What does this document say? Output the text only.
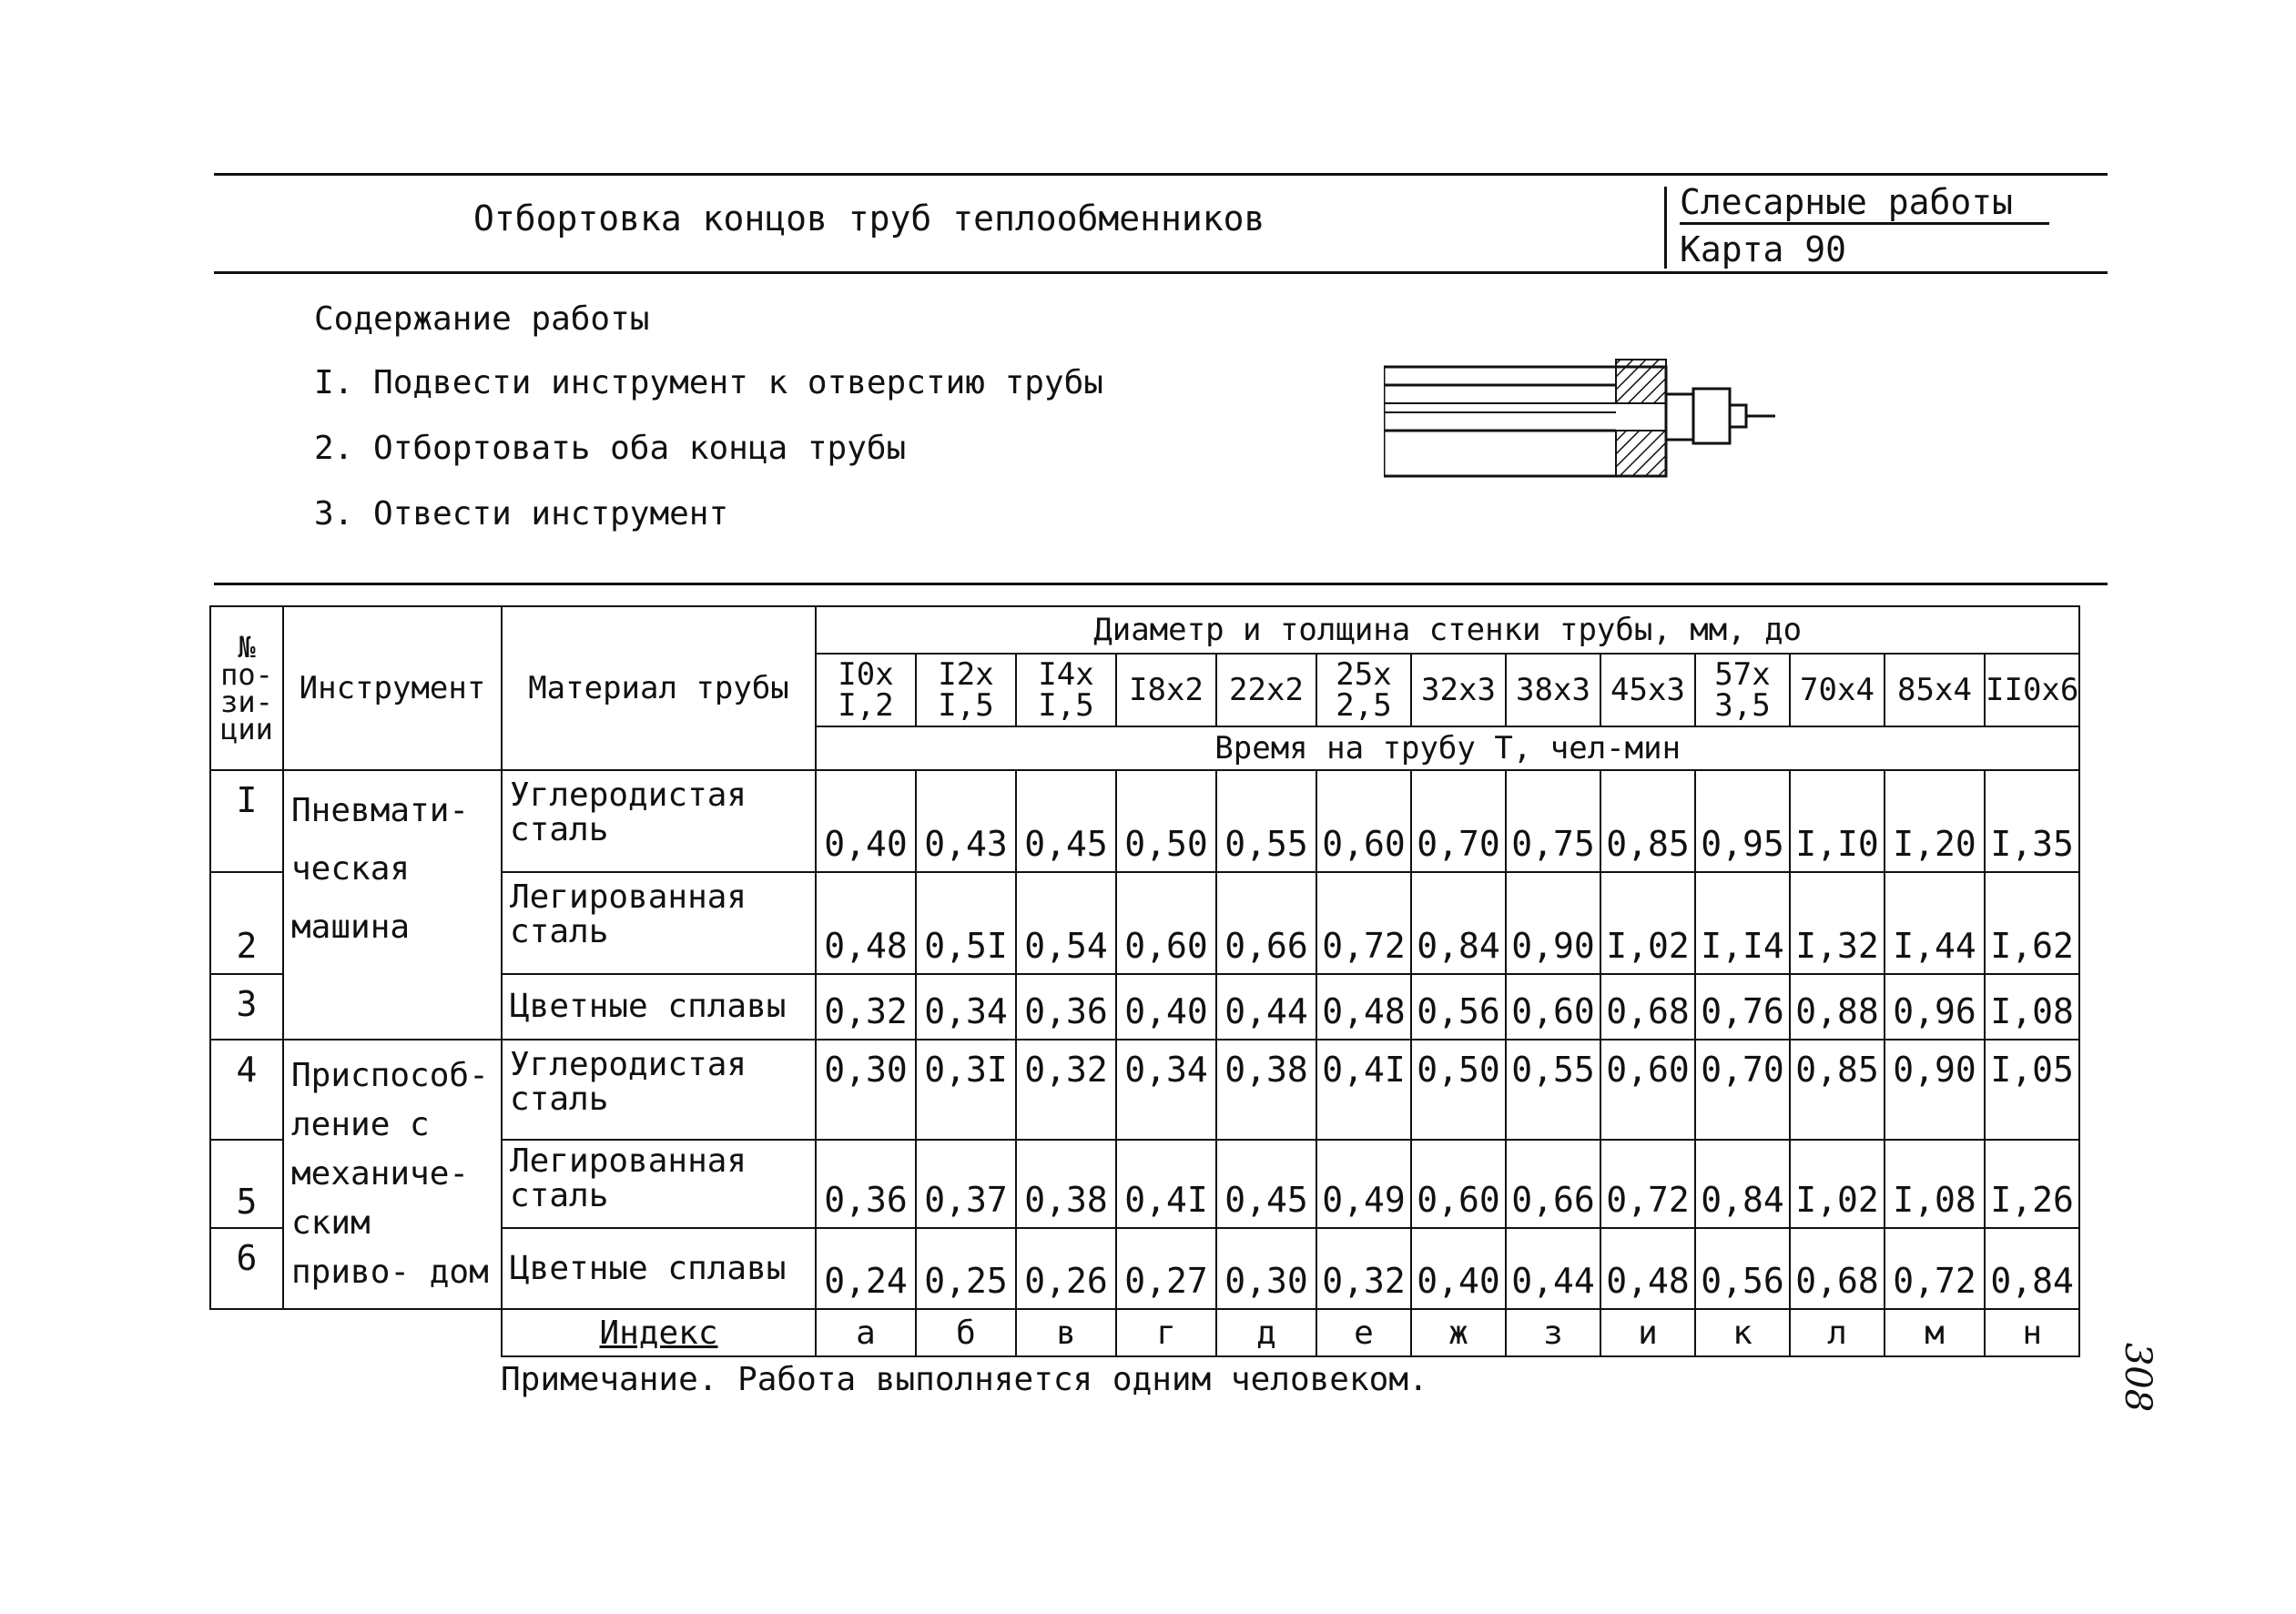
Отбортовка концов труб теплообменников	Слесарные работы
Карта 90
Содержание работы
I. Подвести инструмент к отверстию трубы
2. Отбортовать оба конца трубы
3. Отвести инструмент
№ по- зи- ции	Инструмент	Материал трубы	Диаметр и толщина стенки трубы, мм, до												
			I0x I,2	I2x I,5	I4x I,5	I8x2	22x2	25x 2,5	32x3	38x3	45x3	57x 3,5	70x4	85x4	II0x6
			Время на трубу Т, чел-мин												
I	Пневмати- ческая машина	Углеродистая сталь	0,40	0,43	0,45	0,50	0,55	0,60	0,70	0,75	0,85	0,95	I,I0	I,20	I,35
2		Легированная сталь	0,48	0,5I	0,54	0,60	0,66	0,72	0,84	0,90	I,02	I,I4	I,32	I,44	I,62
3		Цветные сплавы	0,32	0,34	0,36	0,40	0,44	0,48	0,56	0,60	0,68	0,76	0,88	0,96	I,08
4	Приспособ- ление с механиче- ским приво- дом	Углеродистая сталь	0,30	0,3I	0,32	0,34	0,38	0,4I	0,50	0,55	0,60	0,70	0,85	0,90	I,05
5		Легированная сталь	0,36	0,37	0,38	0,4I	0,45	0,49	0,60	0,66	0,72	0,84	I,02	I,08	I,26
6		Цветные сплавы	0,24	0,25	0,26	0,27	0,30	0,32	0,40	0,44	0,48	0,56	0,68	0,72	0,84
		Индекс	а	б	в	г	д	е	ж	з	и	к	л	м	н
Примечание. Работа выполняется одним человеком.	308
